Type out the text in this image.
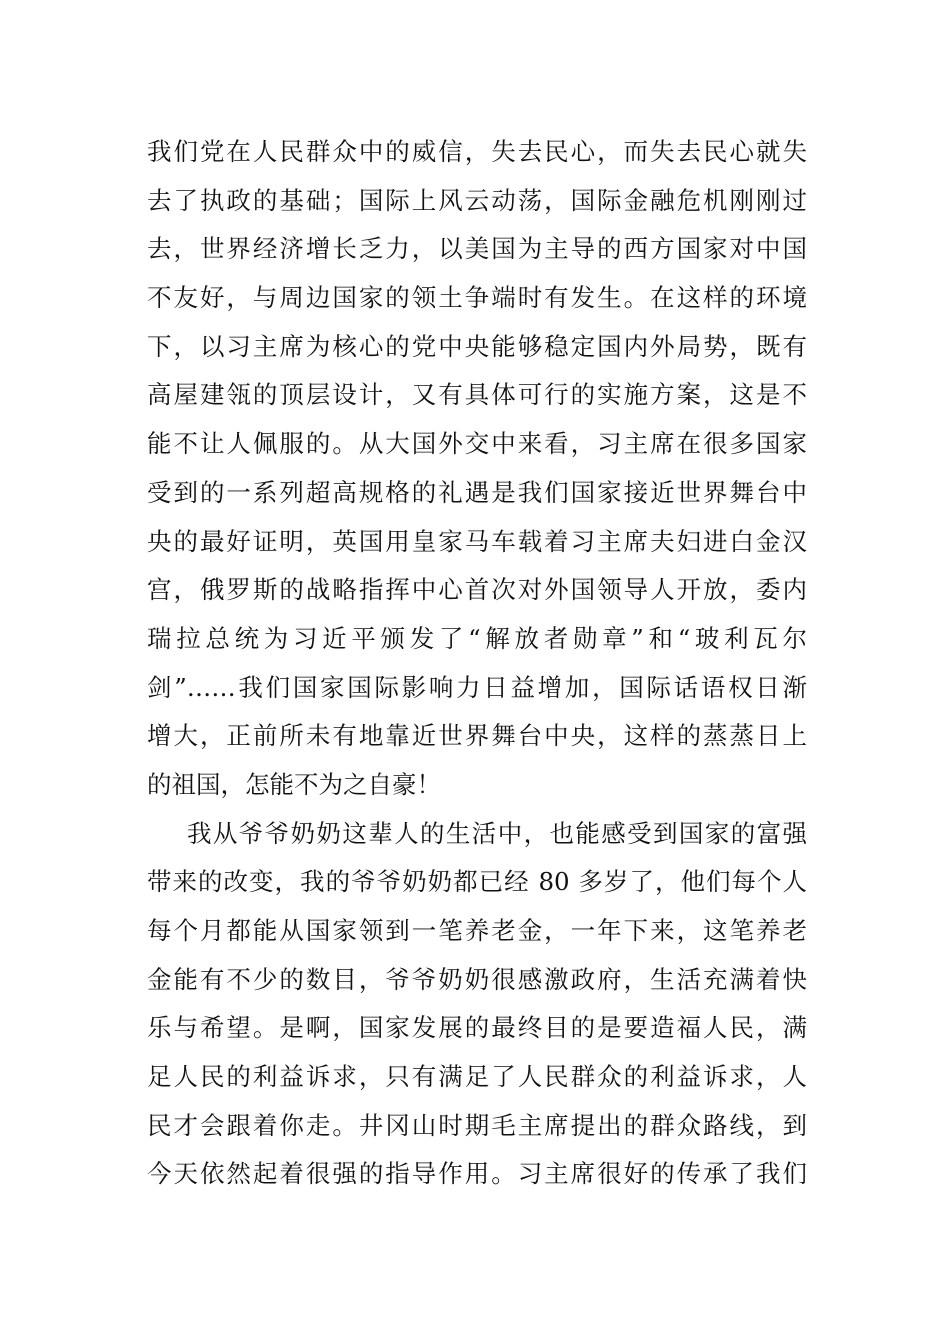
我们党在人民群众中的威信，失去民心，而失去民心就失
去了执政的基础；国际上风云动荡，国际金融危机刚刚过
去，世界经济增长乏力，以美国为主导的西方国家对中国
不友好，与周边国家的领土争端时有发生。在这样的环境
下，以习主席为核心的党中央能够稳定国内外局势，既有
高屋建瓴的顶层设计，又有具体可行的实施方案，这是不
能不让人佩服的。从大国外交中来看，习主席在很多国家
受到的一系列超高规格的礼遇是我们国家接近世界舞台中
央的最好证明，英国用皇家马车载着习主席夫妇进白金汉
宫，俄罗斯的战略指挥中心首次对外国领导人开放，委内
瑞拉总统为习近平颁发了“解放者勋章”和“玻利瓦尔
剑”……我们国家国际影响力日益增加，国际话语权日渐
增大，正前所未有地靠近世界舞台中央，这样的蒸蒸日上
的祖国，怎能不为之自豪！
我从爷爷奶奶这辈人的生活中，也能感受到国家的富强
带来的改变，我的爷爷奶奶都已经 80 多岁了，他们每个人
每个月都能从国家领到一笔养老金，一年下来，这笔养老
金能有不少的数目，爷爷奶奶很感激政府，生活充满着快
乐与希望。是啊，国家发展的最终目的是要造福人民，满
足人民的利益诉求，只有满足了人民群众的利益诉求，人
民才会跟着你走。井冈山时期毛主席提出的群众路线，到
今天依然起着很强的指导作用。习主席很好的传承了我们
